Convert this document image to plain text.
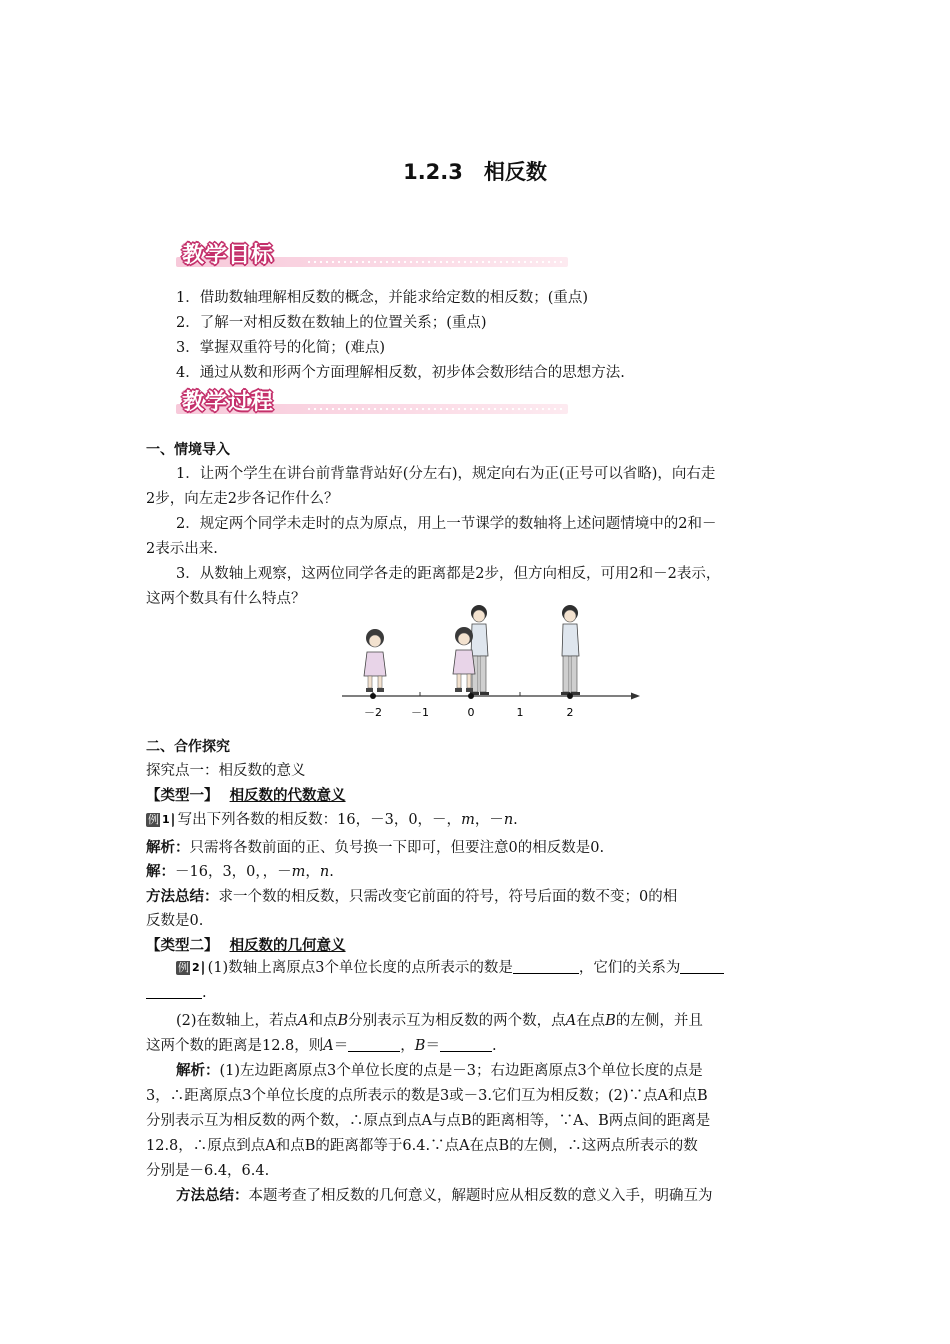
1.2.3　相反数
教学目标
1．借助数轴理解相反数的概念，并能求给定数的相反数；(重点)
2．了解一对相反数在数轴上的位置关系；(重点)
3．掌握双重符号的化简；(难点)
4．通过从数和形两个方面理解相反数，初步体会数形结合的思想方法.
教学过程
一、情境导入
1．让两个学生在讲台前背靠背站好(分左右)，规定向右为正(正号可以省略)，向右走
2步，向左走2步各记作什么？
2．规定两个同学未走时的点为原点，用上一节课学的数轴将上述问题情境中的2和－
2表示出来.
3．从数轴上观察，这两位同学各走的距离都是2步，但方向相反，可用2和－2表示，
这两个数具有什么特点？
－2	－1	0	1	2
二、合作探究
探究点一：相反数的意义
【类型一】 相反数的代数意义
例 1 写出下列各数的相反数：16，－3，0，－，m，－n.
解析：只需将各数前面的正、负号换一下即可，但要注意0的相反数是0.
解：－16，3，0，，－m，n.
方法总结：求一个数的相反数，只需改变它前面的符号，符号后面的数不变；0的相
反数是0.
【类型二】 相反数的几何意义
例 2 (1)数轴上离原点3个单位长度的点所表示的数是	，它们的关系为
.
(2)在数轴上，若点A和点B分别表示互为相反数的两个数，点A在点B的左侧，并且
这两个数的距离是12.8，则A＝	，B＝	.
解析：(1)左边距离原点3个单位长度的点是－3；右边距离原点3个单位长度的点是
3，∴距离原点3个单位长度的点所表示的数是3或－3.它们互为相反数；(2)∵点A和点B
分别表示互为相反数的两个数，∴原点到点A与点B的距离相等，∵A、B两点间的距离是
12.8，∴原点到点A和点B的距离都等于6.4.∵点A在点B的左侧，∴这两点所表示的数
分别是－6.4，6.4.
方法总结：本题考查了相反数的几何意义，解题时应从相反数的意义入手，明确互为
